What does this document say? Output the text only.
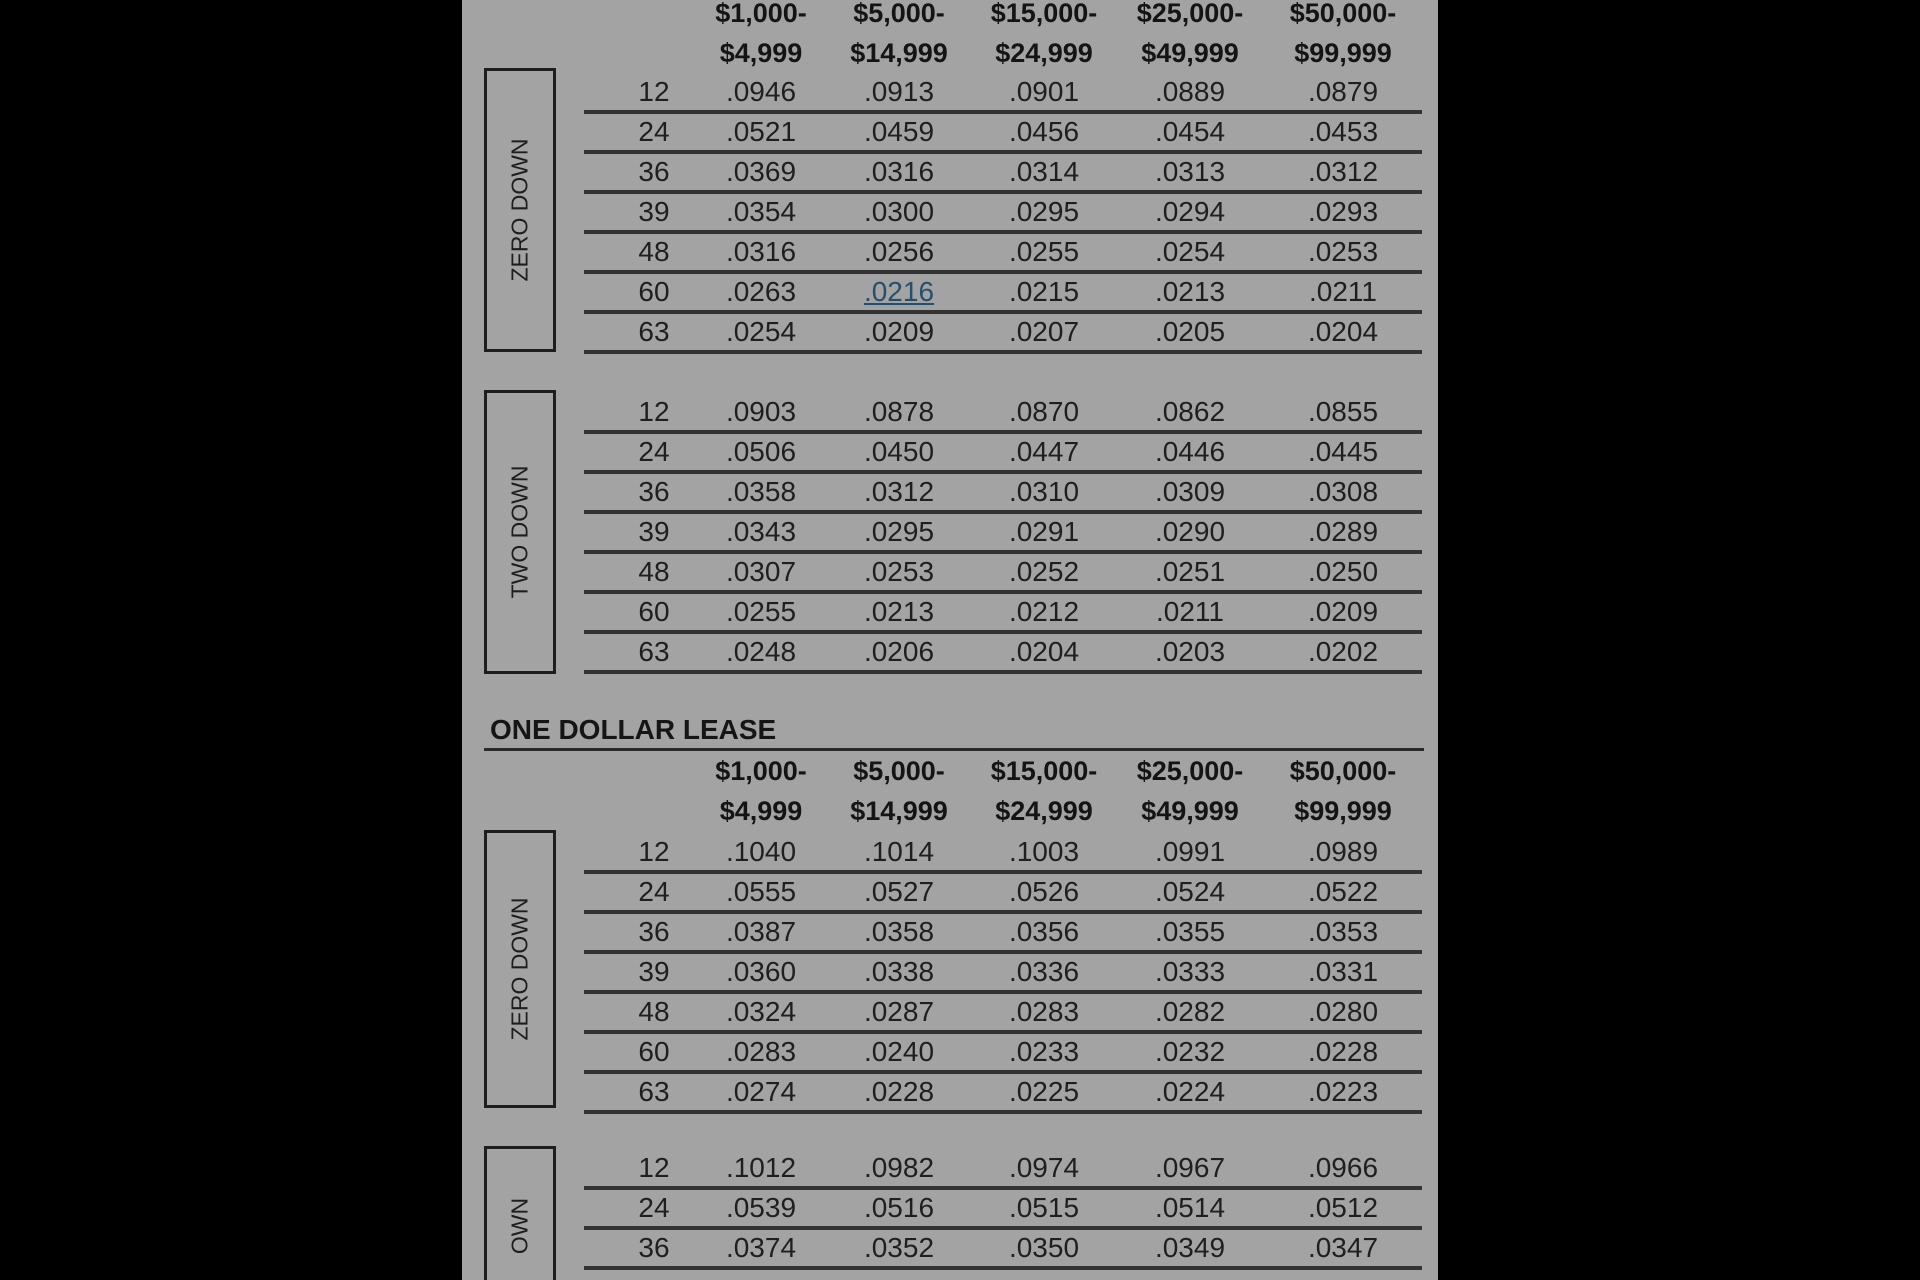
$1,000-
$4,999
$5,000-
$14,999
$15,000-
$24,999
$25,000-
$49,999
$50,000-
$99,999
ZERO DOWN
12	.0946	.0913	.0901	.0889	.0879
24	.0521	.0459	.0456	.0454	.0453
36	.0369	.0316	.0314	.0313	.0312
39	.0354	.0300	.0295	.0294	.0293
48	.0316	.0256	.0255	.0254	.0253
60	.0263	.0216	.0215	.0213	.0211
63	.0254	.0209	.0207	.0205	.0204
TWO DOWN
12	.0903	.0878	.0870	.0862	.0855
24	.0506	.0450	.0447	.0446	.0445
36	.0358	.0312	.0310	.0309	.0308
39	.0343	.0295	.0291	.0290	.0289
48	.0307	.0253	.0252	.0251	.0250
60	.0255	.0213	.0212	.0211	.0209
63	.0248	.0206	.0204	.0203	.0202
ONE DOLLAR LEASE
$1,000-
$4,999
$5,000-
$14,999
$15,000-
$24,999
$25,000-
$49,999
$50,000-
$99,999
ZERO DOWN
12	.1040	.1014	.1003	.0991	.0989
24	.0555	.0527	.0526	.0524	.0522
36	.0387	.0358	.0356	.0355	.0353
39	.0360	.0338	.0336	.0333	.0331
48	.0324	.0287	.0283	.0282	.0280
60	.0283	.0240	.0233	.0232	.0228
63	.0274	.0228	.0225	.0224	.0223
OWN
12	.1012	.0982	.0974	.0967	.0966
24	.0539	.0516	.0515	.0514	.0512
36	.0374	.0352	.0350	.0349	.0347
